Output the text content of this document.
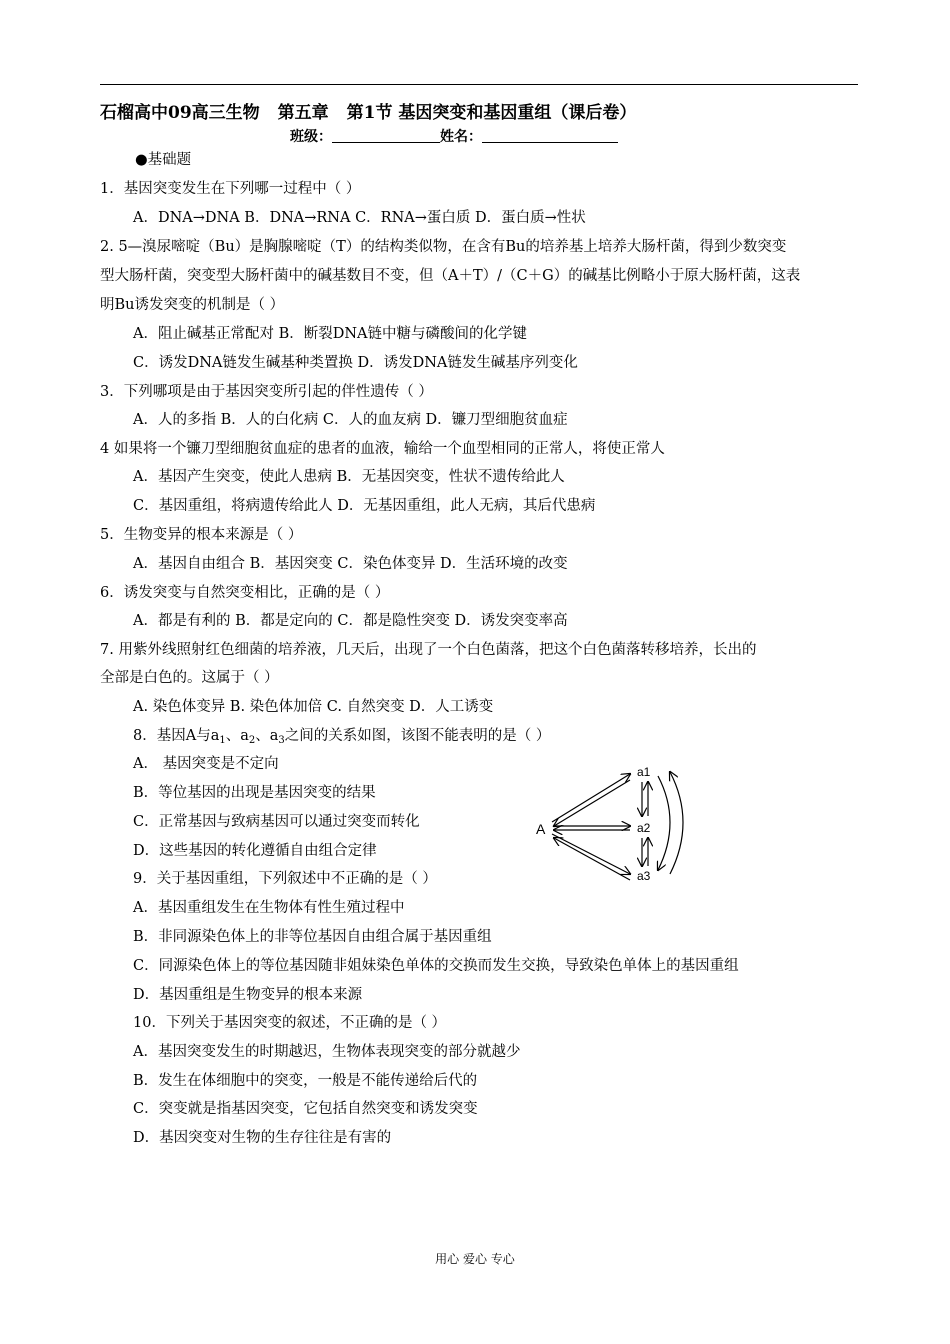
石榴高中09高三生物 第五章 第1节 基因突变和基因重组（课后卷）
班级：	姓名：
●基础题
1．基因突变发生在下列哪一过程中（ ）
A．DNA→DNA B．DNA→RNA C．RNA→蛋白质 D．蛋白质→性状
2. 5—溴尿嘧啶（Bu）是胸腺嘧啶（T）的结构类似物，在含有Bu的培养基上培养大肠杆菌，得到少数突变
型大肠杆菌，突变型大肠杆菌中的碱基数目不变，但（A＋T）/（C＋G）的碱基比例略小于原大肠杆菌，这表
明Bu诱发突变的机制是（ ）
A．阻止碱基正常配对 B．断裂DNA链中糖与磷酸间的化学键
C．诱发DNA链发生碱基种类置换 D．诱发DNA链发生碱基序列变化
3．下列哪项是由于基因突变所引起的伴性遗传（ ）
A．人的多指 B．人的白化病 C．人的血友病 D．镰刀型细胞贫血症
4 如果将一个镰刀型细胞贫血症的患者的血液，输给一个血型相同的正常人，将使正常人
A．基因产生突变，使此人患病 B．无基因突变，性状不遗传给此人
C．基因重组，将病遗传给此人 D．无基因重组，此人无病，其后代患病
5．生物变异的根本来源是（ ）
A．基因自由组合 B．基因突变 C．染色体变异 D．生活环境的改变
6．诱发突变与自然突变相比，正确的是（ ）
A．都是有利的 B．都是定向的 C．都是隐性突变 D．诱发突变率高
7. 用紫外线照射红色细菌的培养液，几天后，出现了一个白色菌落，把这个白色菌落转移培养，长出的
全部是白色的。这属于（ ）
A. 染色体变异 B. 染色体加倍 C. 自然突变 D．人工诱变
8．基因A与$a_1$、$a_2$、$a_3$之间的关系如图，该图不能表明的是（ ）
A． 基因突变是不定向
B．等位基因的出现是基因突变的结果
C．正常基因与致病基因可以通过突变而转化
D．这些基因的转化遵循自由组合定律
A
a1
a2
a3
9．关于基因重组，下列叙述中不正确的是（ ）
A．基因重组发生在生物体有性生殖过程中
B．非同源染色体上的非等位基因自由组合属于基因重组
C．同源染色体上的等位基因随非姐妹染色单体的交换而发生交换，导致染色单体上的基因重组
D．基因重组是生物变异的根本来源
10．下列关于基因突变的叙述，不正确的是（ ）
A．基因突变发生的时期越迟，生物体表现突变的部分就越少
B．发生在体细胞中的突变，一般是不能传递给后代的
C．突变就是指基因突变，它包括自然突变和诱发突变
D．基因突变对生物的生存往往是有害的
用心 爱心 专心
